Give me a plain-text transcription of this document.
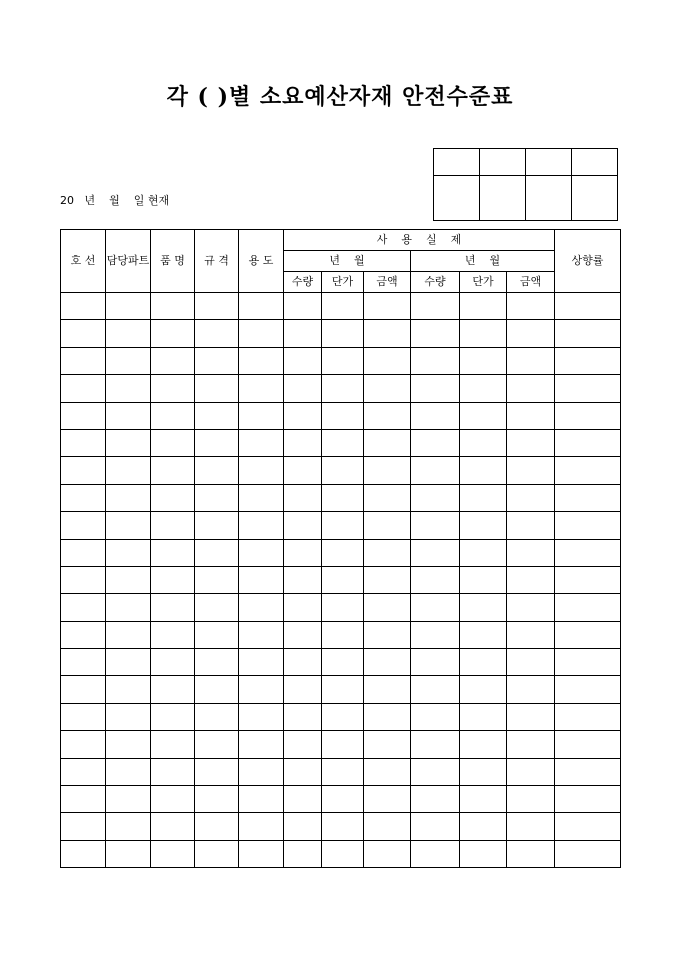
각 ( )별 소요예산자재 안전수준표

20   년    월    일 현재
호 선	담당파트	품 명	규 격	용 도	사    용    실    제						상향률
					년    월			년    월			
					수량	단가	금액	수량	단가	금액	
